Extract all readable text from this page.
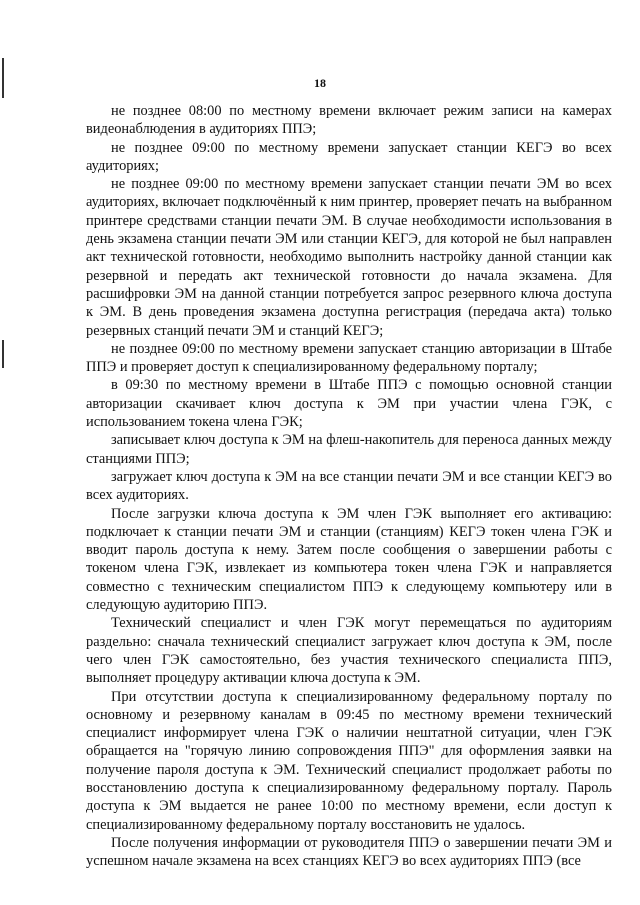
18

не позднее 08:00 по местному времени включает режим записи на камерах видеонаблюдения в аудиториях ППЭ;

не позднее 09:00 по местному времени запускает станции КЕГЭ во всех аудиториях;

не позднее 09:00 по местному времени запускает станции печати ЭМ во всех аудиториях, включает подключённый к ним принтер, проверяет печать на выбранном принтере средствами станции печати ЭМ. В случае необходимости использования в день экзамена станции печати ЭМ или станции КЕГЭ, для которой не был направлен акт технической готовности, необходимо выполнить настройку данной станции как резервной и передать акт технической готовности до начала экзамена. Для расшифровки ЭМ на данной станции потребуется запрос резервного ключа доступа к ЭМ. В день проведения экзамена доступна регистрация (передача акта) только резервных станций печати ЭМ и станций КЕГЭ;

не позднее 09:00 по местному времени запускает станцию авторизации в Штабе ППЭ и проверяет доступ к специализированному федеральному порталу;

в 09:30 по местному времени в Штабе ППЭ с помощью основной станции авторизации скачивает ключ доступа к ЭМ при участии члена ГЭК, с использованием токена члена ГЭК;

записывает ключ доступа к ЭМ на флеш-накопитель для переноса данных между станциями ППЭ;

загружает ключ доступа к ЭМ на все станции печати ЭМ и все станции КЕГЭ во всех аудиториях.

После загрузки ключа доступа к ЭМ член ГЭК выполняет его активацию: подключает к станции печати ЭМ и станции (станциям) КЕГЭ токен члена ГЭК и вводит пароль доступа к нему. Затем после сообщения о завершении работы с токеном члена ГЭК, извлекает из компьютера токен члена ГЭК и направляется совместно с техническим специалистом ППЭ к следующему компьютеру или в следующую аудиторию ППЭ.

Технический специалист и член ГЭК могут перемещаться по аудиториям раздельно: сначала технический специалист загружает ключ доступа к ЭМ, после чего член ГЭК самостоятельно, без участия технического специалиста ППЭ, выполняет процедуру активации ключа доступа к ЭМ.

При отсутствии доступа к специализированному федеральному порталу по основному и резервному каналам в 09:45 по местному времени технический специалист информирует члена ГЭК о наличии нештатной ситуации, член ГЭК обращается на "горячую линию сопровождения ППЭ" для оформления заявки на получение пароля доступа к ЭМ. Технический специалист продолжает работы по восстановлению доступа к специализированному федеральному порталу. Пароль доступа к ЭМ выдается не ранее 10:00 по местному времени, если доступ к специализированному федеральному порталу восстановить не удалось.

После получения информации от руководителя ППЭ о завершении печати ЭМ и успешном начале экзамена на всех станциях КЕГЭ во всех аудиториях ППЭ (все
